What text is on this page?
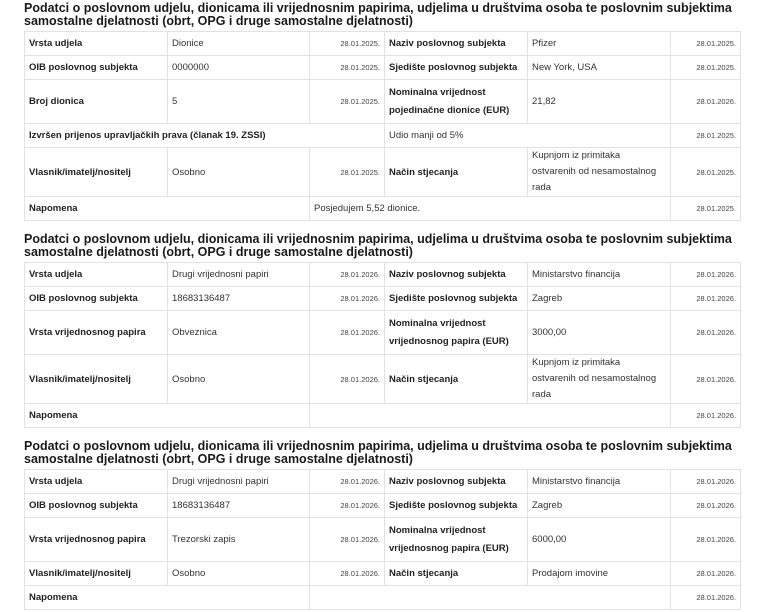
Podatci o poslovnom udjelu, dionicama ili vrijednosnim papirima, udjelima u društvima osoba te poslovnim subjektima samostalne djelatnosti (obrt, OPG i druge samostalne djelatnosti)
Vrsta udjela	Dionice	28.01.2025.	Naziv poslovnog subjekta	Pfizer	28.01.2025.
OIB poslovnog subjekta	0000000	28.01.2025.	Sjedište poslovnog subjekta	New York, USA	28.01.2025.
Broj dionica	5	28.01.2025.	Nominalna vrijednost pojedinačne dionice (EUR)	21,82	28.01.2026.
Izvršen prijenos upravljačkih prava (članak 19. ZSSI)			Udio manji od 5%		28.01.2025.
Vlasnik/imatelj/nositelj	Osobno	28.01.2025.	Način stjecanja	Kupnjom iz primitaka ostvarenih od nesamostalnog rada	28.01.2025.
Napomena		Posjedujem 5,52 dionice.			28.01.2025.
Podatci o poslovnom udjelu, dionicama ili vrijednosnim papirima, udjelima u društvima osoba te poslovnim subjektima samostalne djelatnosti (obrt, OPG i druge samostalne djelatnosti)
Vrsta udjela	Drugi vrijednosni papiri	28.01.2026.	Naziv poslovnog subjekta	Ministarstvo financija	28.01.2026.
OIB poslovnog subjekta	18683136487	28.01.2026.	Sjedište poslovnog subjekta	Zagreb	28.01.2026.
Vrsta vrijednosnog papira	Obveznica	28.01.2026.	Nominalna vrijednost vrijednosnog papira (EUR)	3000,00	28.01.2026.
Vlasnik/imatelj/nositelj	Osobno	28.01.2026.	Način stjecanja	Kupnjom iz primitaka ostvarenih od nesamostalnog rada	28.01.2026.
Napomena					28.01.2026.
Podatci o poslovnom udjelu, dionicama ili vrijednosnim papirima, udjelima u društvima osoba te poslovnim subjektima samostalne djelatnosti (obrt, OPG i druge samostalne djelatnosti)
Vrsta udjela	Drugi vrijednosni papiri	28.01.2026.	Naziv poslovnog subjekta	Ministarstvo financija	28.01.2026.
OIB poslovnog subjekta	18683136487	28.01.2026.	Sjedište poslovnog subjekta	Zagreb	28.01.2026.
Vrsta vrijednosnog papira	Trezorski zapis	28.01.2026.	Nominalna vrijednost vrijednosnog papira (EUR)	6000,00	28.01.2026.
Vlasnik/imatelj/nositelj	Osobno	28.01.2026.	Način stjecanja	Prodajom imovine	28.01.2026.
Napomena					28.01.2026.
